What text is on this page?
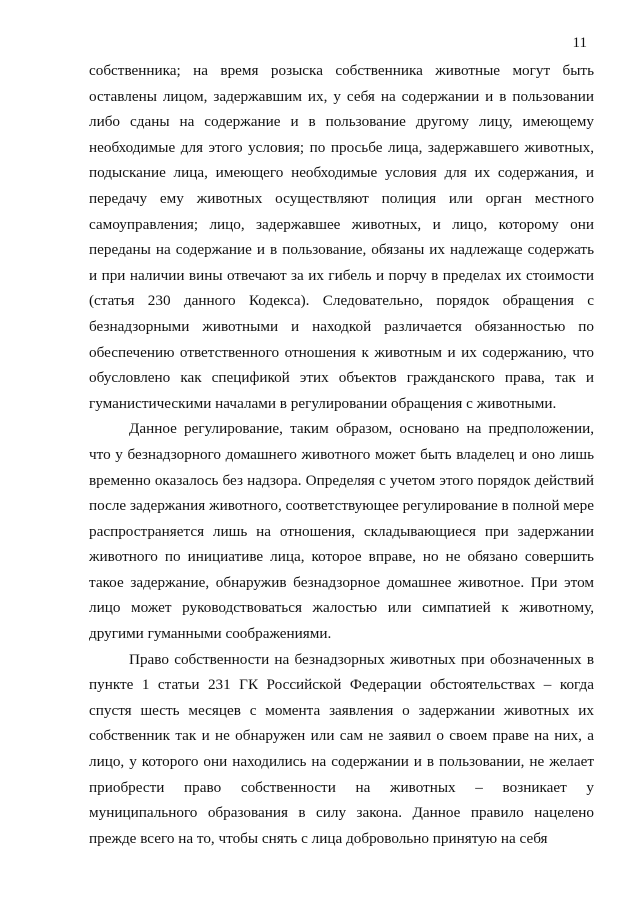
11

собственника; на время розыска собственника животные могут быть оставлены лицом, задержавшим их, у себя на содержании и в пользовании либо сданы на содержание и в пользование другому лицу, имеющему необходимые для этого условия; по просьбе лица, задержавшего животных, подыскание лица, имеющего необходимые условия для их содержания, и передачу ему животных осуществляют полиция или орган местного самоуправления; лицо, задержавшее животных, и лицо, которому они переданы на содержание и в пользование, обязаны их надлежаще содержать и при наличии вины отвечают за их гибель и порчу в пределах их стоимости (статья 230 данного Кодекса). Следовательно, порядок обращения с безнадзорными животными и находкой различается обязанностью по обеспечению ответственного отношения к животным и их содержанию, что обусловлено как спецификой этих объектов гражданского права, так и гуманистическими началами в регулировании обращения с животными.

Данное регулирование, таким образом, основано на предположении, что у безнадзорного домашнего животного может быть владелец и оно лишь временно оказалось без надзора. Определяя с учетом этого порядок действий после задержания животного, соответствующее регулирование в полной мере распространяется лишь на отношения, складывающиеся при задержании животного по инициативе лица, которое вправе, но не обязано совершить такое задержание, обнаружив безнадзорное домашнее животное. При этом лицо может руководствоваться жалостью или симпатией к животному, другими гуманными соображениями.

Право собственности на безнадзорных животных при обозначенных в пункте 1 статьи 231 ГК Российской Федерации обстоятельствах – когда спустя шесть месяцев с момента заявления о задержании животных их собственник так и не обнаружен или сам не заявил о своем праве на них, а лицо, у которого они находились на содержании и в пользовании, не желает приобрести право собственности на животных – возникает у муниципального образования в силу закона. Данное правило нацелено прежде всего на то, чтобы снять с лица добровольно принятую на себя
